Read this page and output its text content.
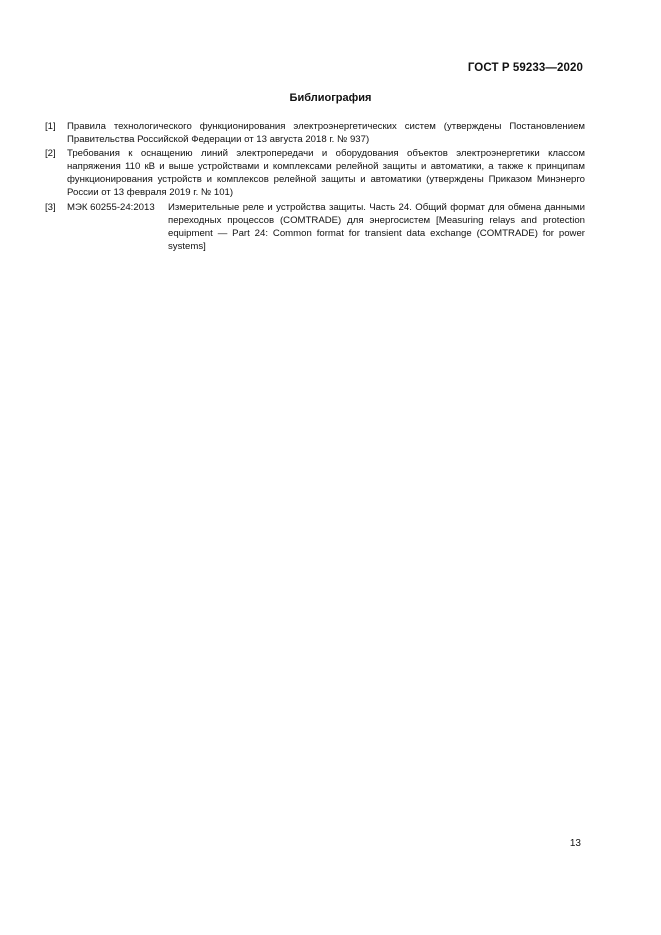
ГОСТ Р 59233—2020
Библиография
[1]	Правила технологического функционирования электроэнергетических систем (утверждены Постановлением Правительства Российской Федерации от 13 августа 2018 г. № 937)
[2]	Требования к оснащению линий электропередачи и оборудования объектов электроэнергетики классом напряжения 110 кВ и выше устройствами и комплексами релейной защиты и автоматики, а также к принципам функционирования устройств и комплексов релейной защиты и автоматики (утверждены Приказом Минэнерго России от 13 февраля 2019 г. № 101)
[3]	МЭК 60255-24:2013	Измерительные реле и устройства защиты. Часть 24. Общий формат для обмена данными переходных процессов (COMTRADE) для энергосистем [Measuring relays and protection equipment — Part 24: Common format for transient data exchange (COMTRADE) for power systems]
13
